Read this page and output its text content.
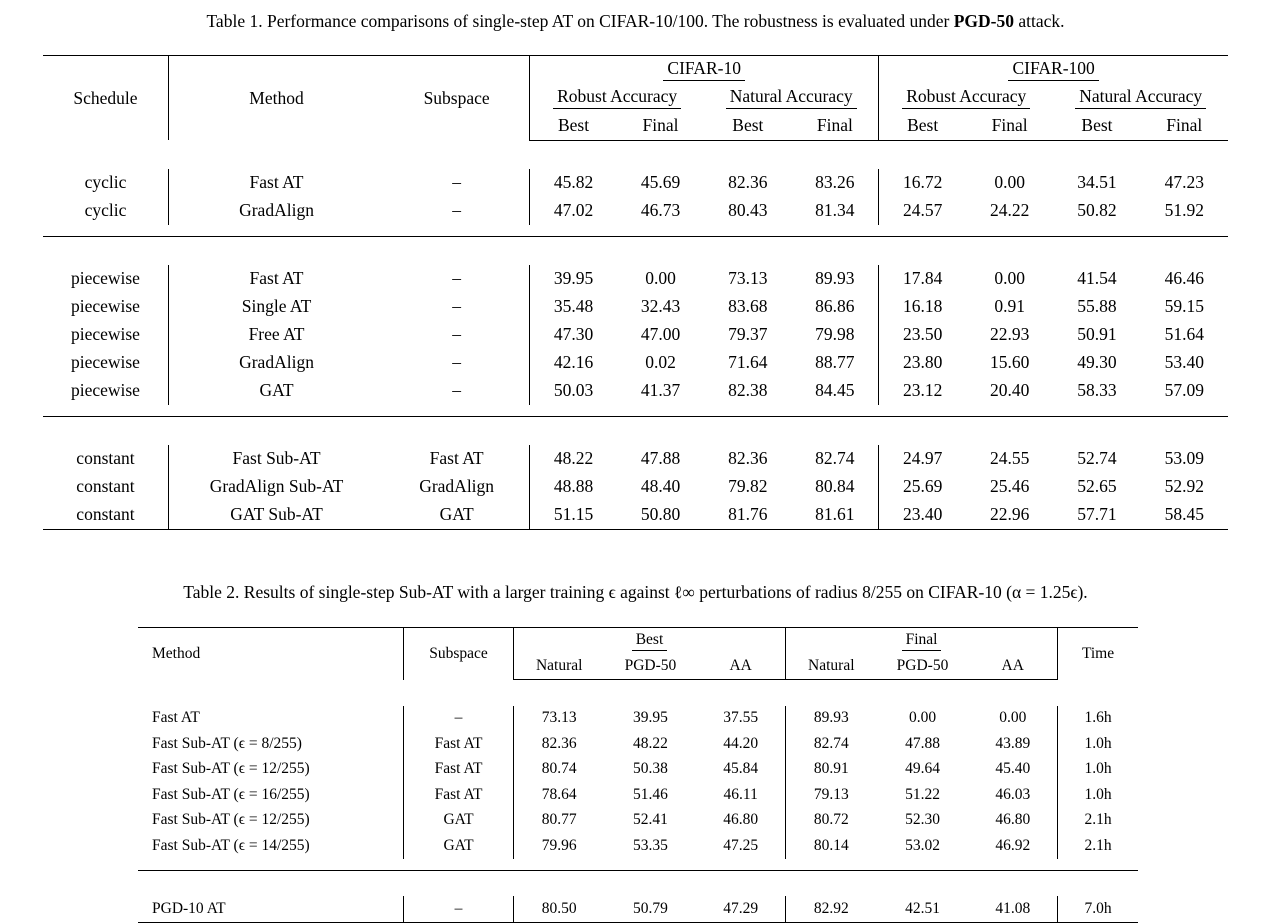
Table 1. Performance comparisons of single-step AT on CIFAR-10/100. The robustness is evaluated under PGD-50 attack.
Schedule	Method	Subspace	CIFAR-10				CIFAR-100			
			Robust Accuracy		Natural Accuracy		Robust Accuracy		Natural Accuracy	
			Best	Final	Best	Final	Best	Final	Best	Final

cyclic	Fast AT	–	45.82	45.69	82.36	83.26	16.72	0.00	34.51	47.23
cyclic	GradAlign	–	47.02	46.73	80.43	81.34	24.57	24.22	50.82	51.92

piecewise	Fast AT	–	39.95	0.00	73.13	89.93	17.84	0.00	41.54	46.46
piecewise	Single AT	–	35.48	32.43	83.68	86.86	16.18	0.91	55.88	59.15
piecewise	Free AT	–	47.30	47.00	79.37	79.98	23.50	22.93	50.91	51.64
piecewise	GradAlign	–	42.16	0.02	71.64	88.77	23.80	15.60	49.30	53.40
piecewise	GAT	–	50.03	41.37	82.38	84.45	23.12	20.40	58.33	57.09

constant	Fast Sub-AT	Fast AT	48.22	47.88	82.36	82.74	24.97	24.55	52.74	53.09
constant	GradAlign Sub-AT	GradAlign	48.88	48.40	79.82	80.84	25.69	25.46	52.65	52.92
constant	GAT Sub-AT	GAT	51.15	50.80	81.76	81.61	23.40	22.96	57.71	58.45
Table 2. Results of single-step Sub-AT with a larger training ϵ against ℓ∞ perturbations of radius 8/255 on CIFAR-10 (α = 1.25ϵ).
Method	Subspace	Best			Final			Time
		Natural	PGD-50	AA	Natural	PGD-50	AA	

Fast AT	–	73.13	39.95	37.55	89.93	0.00	0.00	1.6h
Fast Sub-AT (ϵ = 8/255)	Fast AT	82.36	48.22	44.20	82.74	47.88	43.89	1.0h
Fast Sub-AT (ϵ = 12/255)	Fast AT	80.74	50.38	45.84	80.91	49.64	45.40	1.0h
Fast Sub-AT (ϵ = 16/255)	Fast AT	78.64	51.46	46.11	79.13	51.22	46.03	1.0h
Fast Sub-AT (ϵ = 12/255)	GAT	80.77	52.41	46.80	80.72	52.30	46.80	2.1h
Fast Sub-AT (ϵ = 14/255)	GAT	79.96	53.35	47.25	80.14	53.02	46.92	2.1h

PGD-10 AT	–	80.50	50.79	47.29	82.92	42.51	41.08	7.0h
